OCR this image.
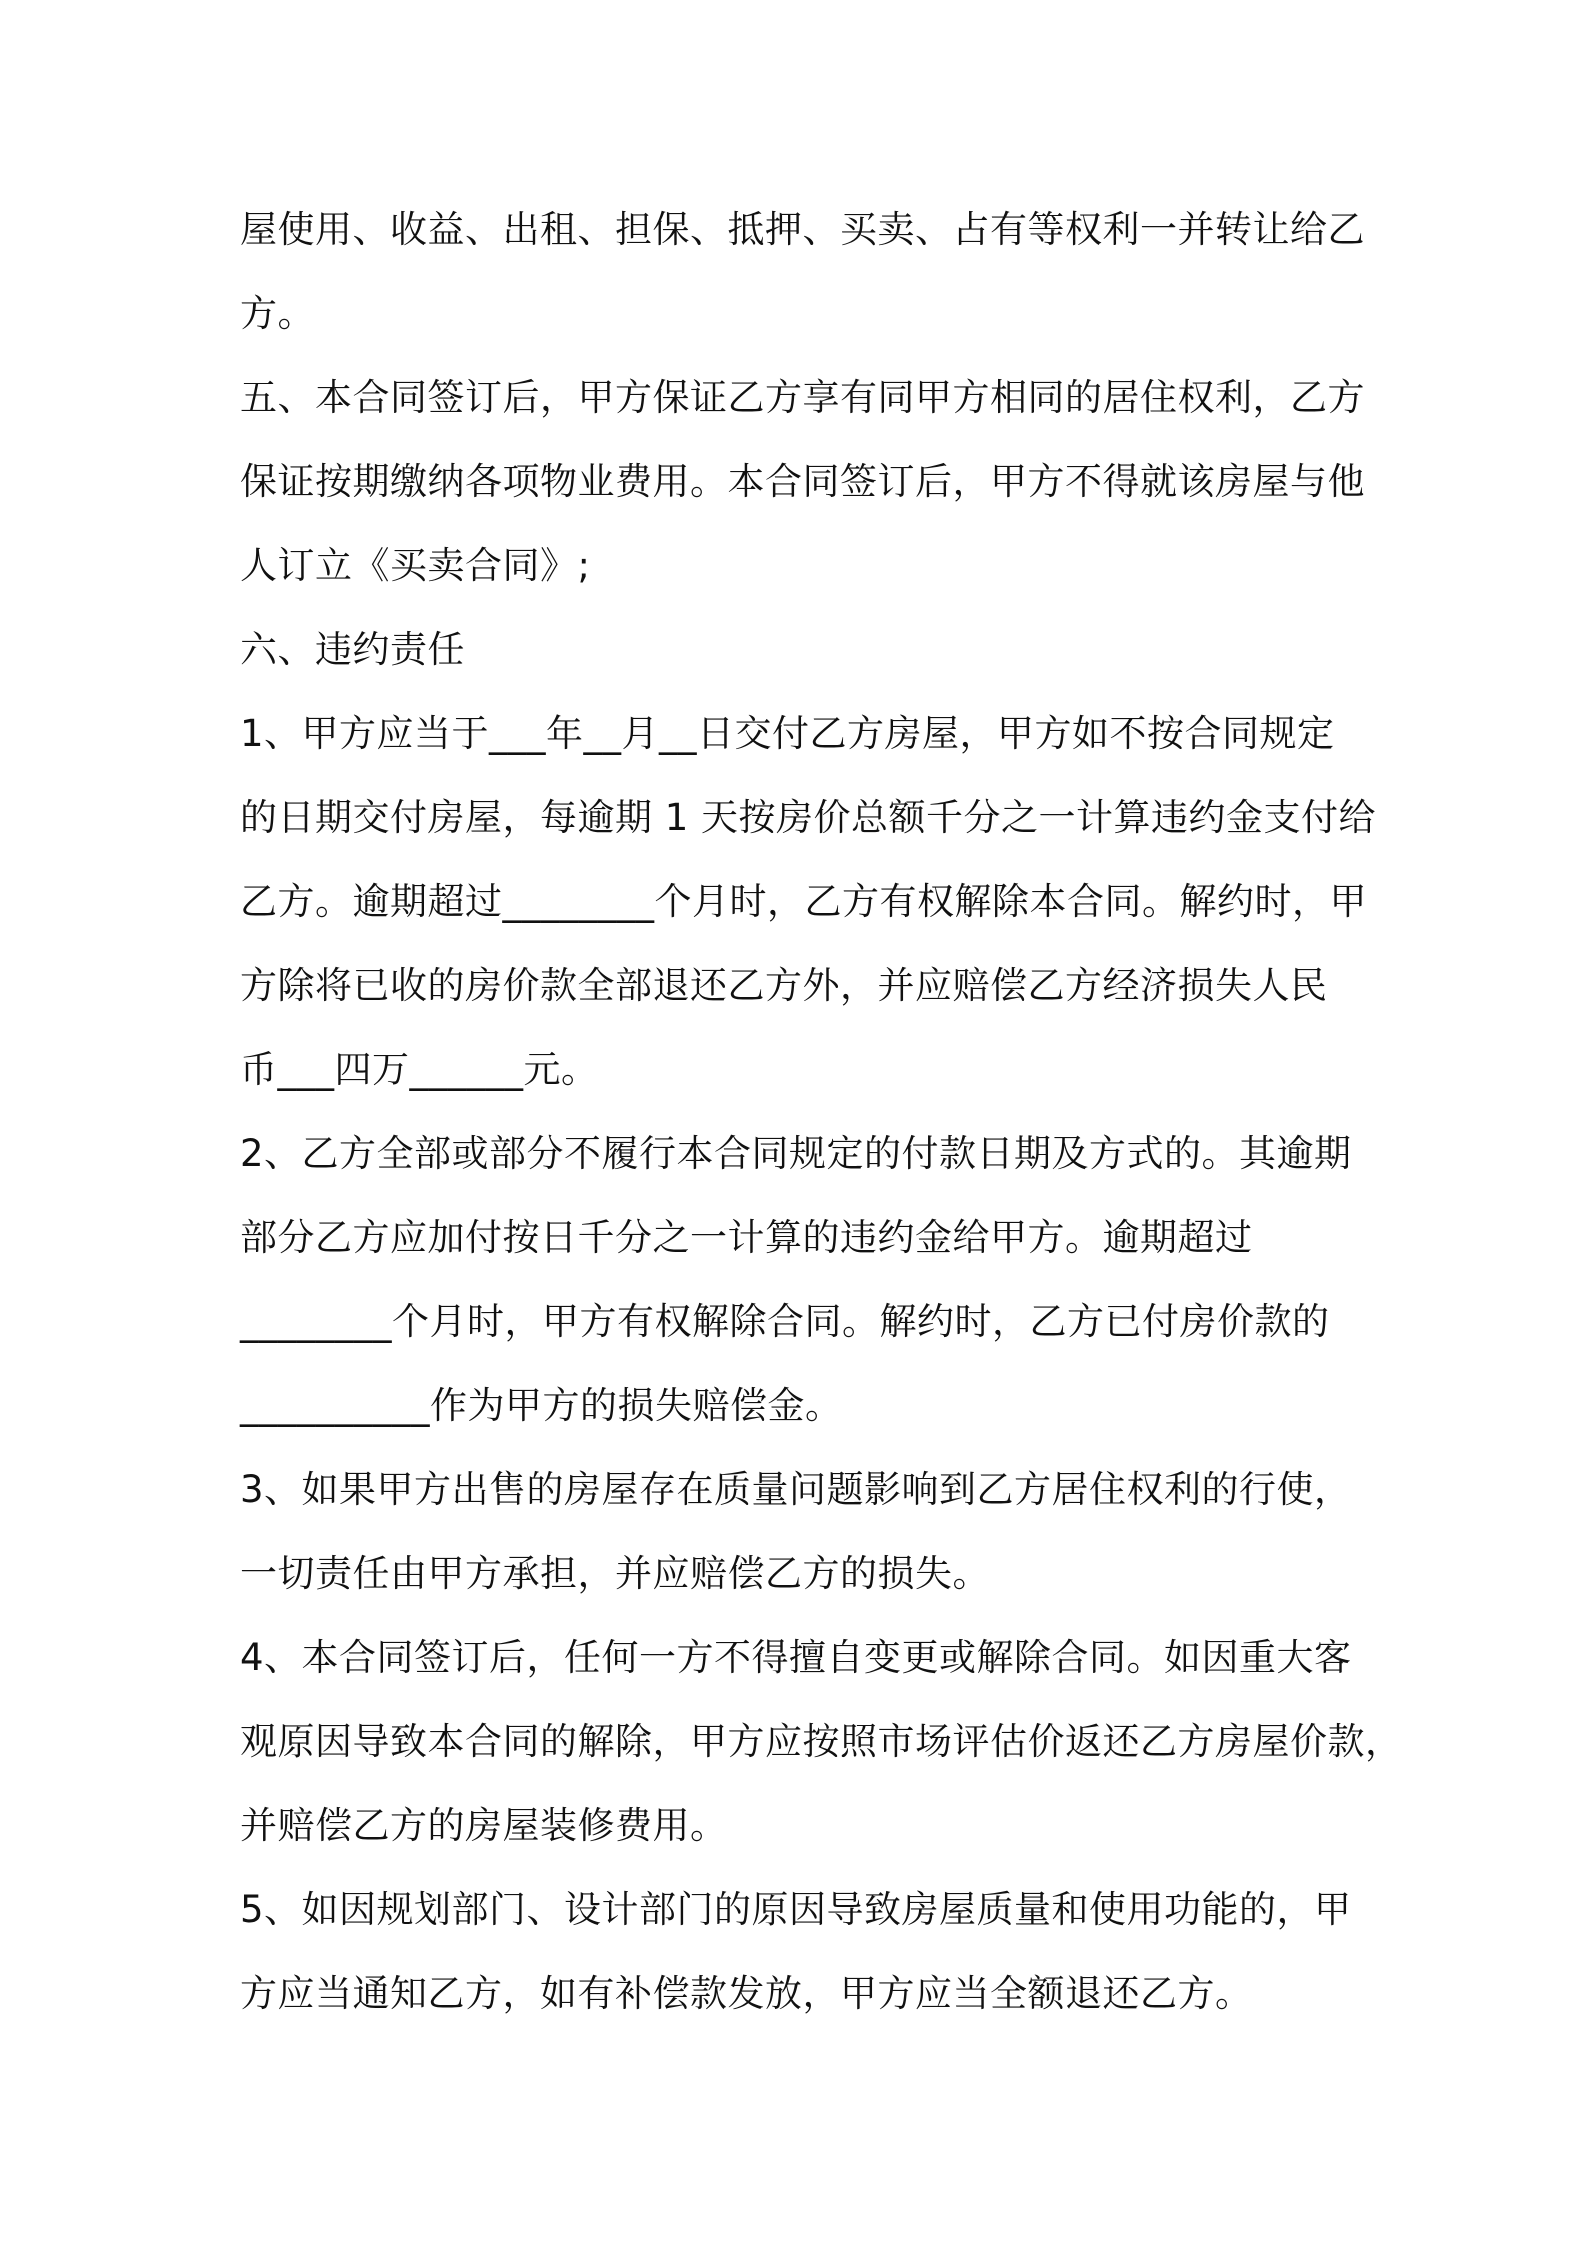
屋使用、收益、出租、担保、抵押、买卖、占有等权利一并转让给乙
方。
五、本合同签订后，甲方保证乙方享有同甲方相同的居住权利，乙方
保证按期缴纳各项物业费用。本合同签订后，甲方不得就该房屋与他
人订立《买卖合同》;
六、违约责任
1、甲方应当于___年__月__日交付乙方房屋，甲方如不按合同规定
的日期交付房屋，每逾期 1 天按房价总额千分之一计算违约金支付给
乙方。逾期超过________个月时，乙方有权解除本合同。解约时，甲
方除将已收的房价款全部退还乙方外，并应赔偿乙方经济损失人民
币___四万______元。
2、乙方全部或部分不履行本合同规定的付款日期及方式的。其逾期
部分乙方应加付按日千分之一计算的违约金给甲方。逾期超过
________个月时，甲方有权解除合同。解约时，乙方已付房价款的
__________作为甲方的损失赔偿金。
3、如果甲方出售的房屋存在质量问题影响到乙方居住权利的行使，
一切责任由甲方承担，并应赔偿乙方的损失。
4、本合同签订后，任何一方不得擅自变更或解除合同。如因重大客
观原因导致本合同的解除，甲方应按照市场评估价返还乙方房屋价款，
并赔偿乙方的房屋装修费用。
5、如因规划部门、设计部门的原因导致房屋质量和使用功能的，甲
方应当通知乙方，如有补偿款发放，甲方应当全额退还乙方。
